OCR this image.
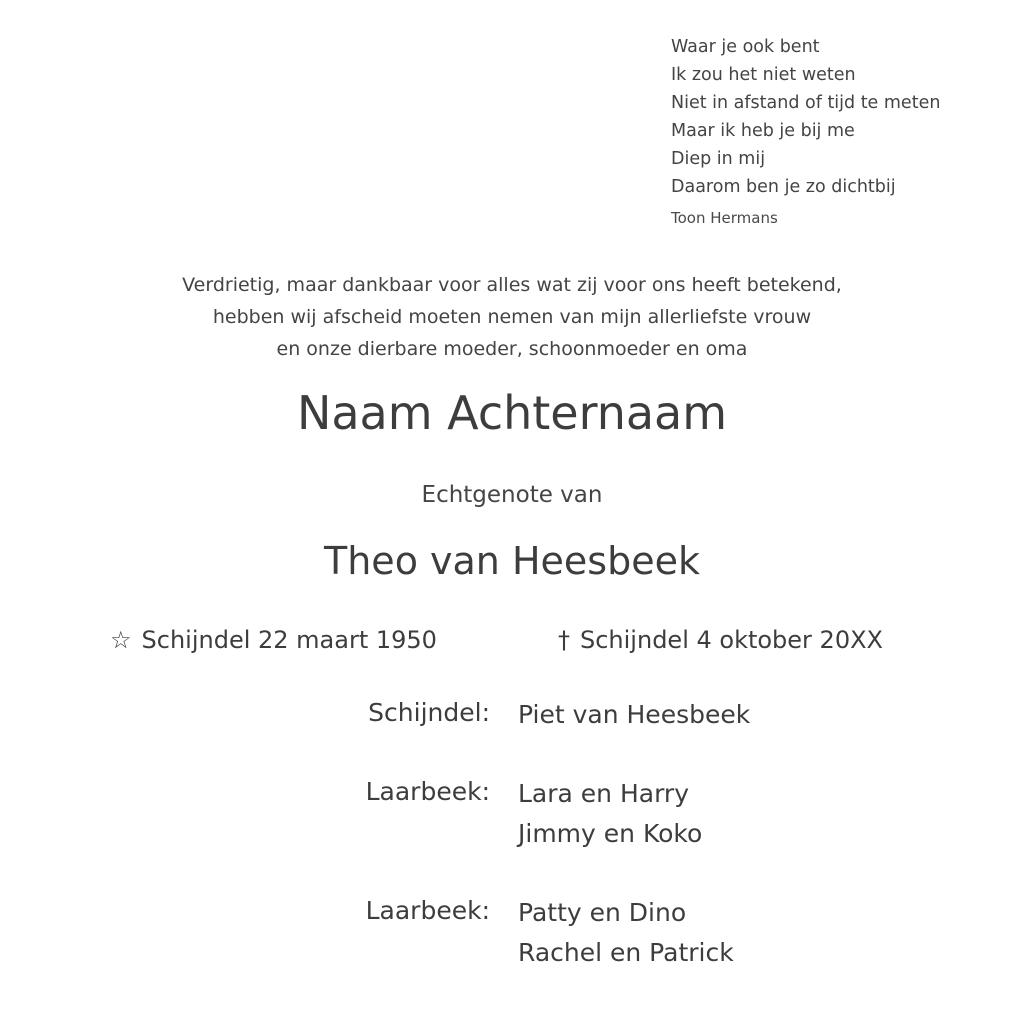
Waar je ook bent
Ik zou het niet weten
Niet in afstand of tijd te meten
Maar ik heb je bij me
Diep in mij
Daarom ben je zo dichtbij
Toon Hermans
Verdrietig, maar dankbaar voor alles wat zij voor ons heeft betekend,
hebben wij afscheid moeten nemen van mijn allerliefste vrouw
en onze dierbare moeder, schoonmoeder en oma
Naam Achternaam
Echtgenote van
Theo van Heesbeek
☆ Schijndel 22 maart 1950	† Schijndel 4 oktober 20XX
Schijndel: Piet van Heesbeek
Laarbeek: Lara en Harry
Jimmy en Koko
Laarbeek: Patty en Dino
Rachel en Patrick
